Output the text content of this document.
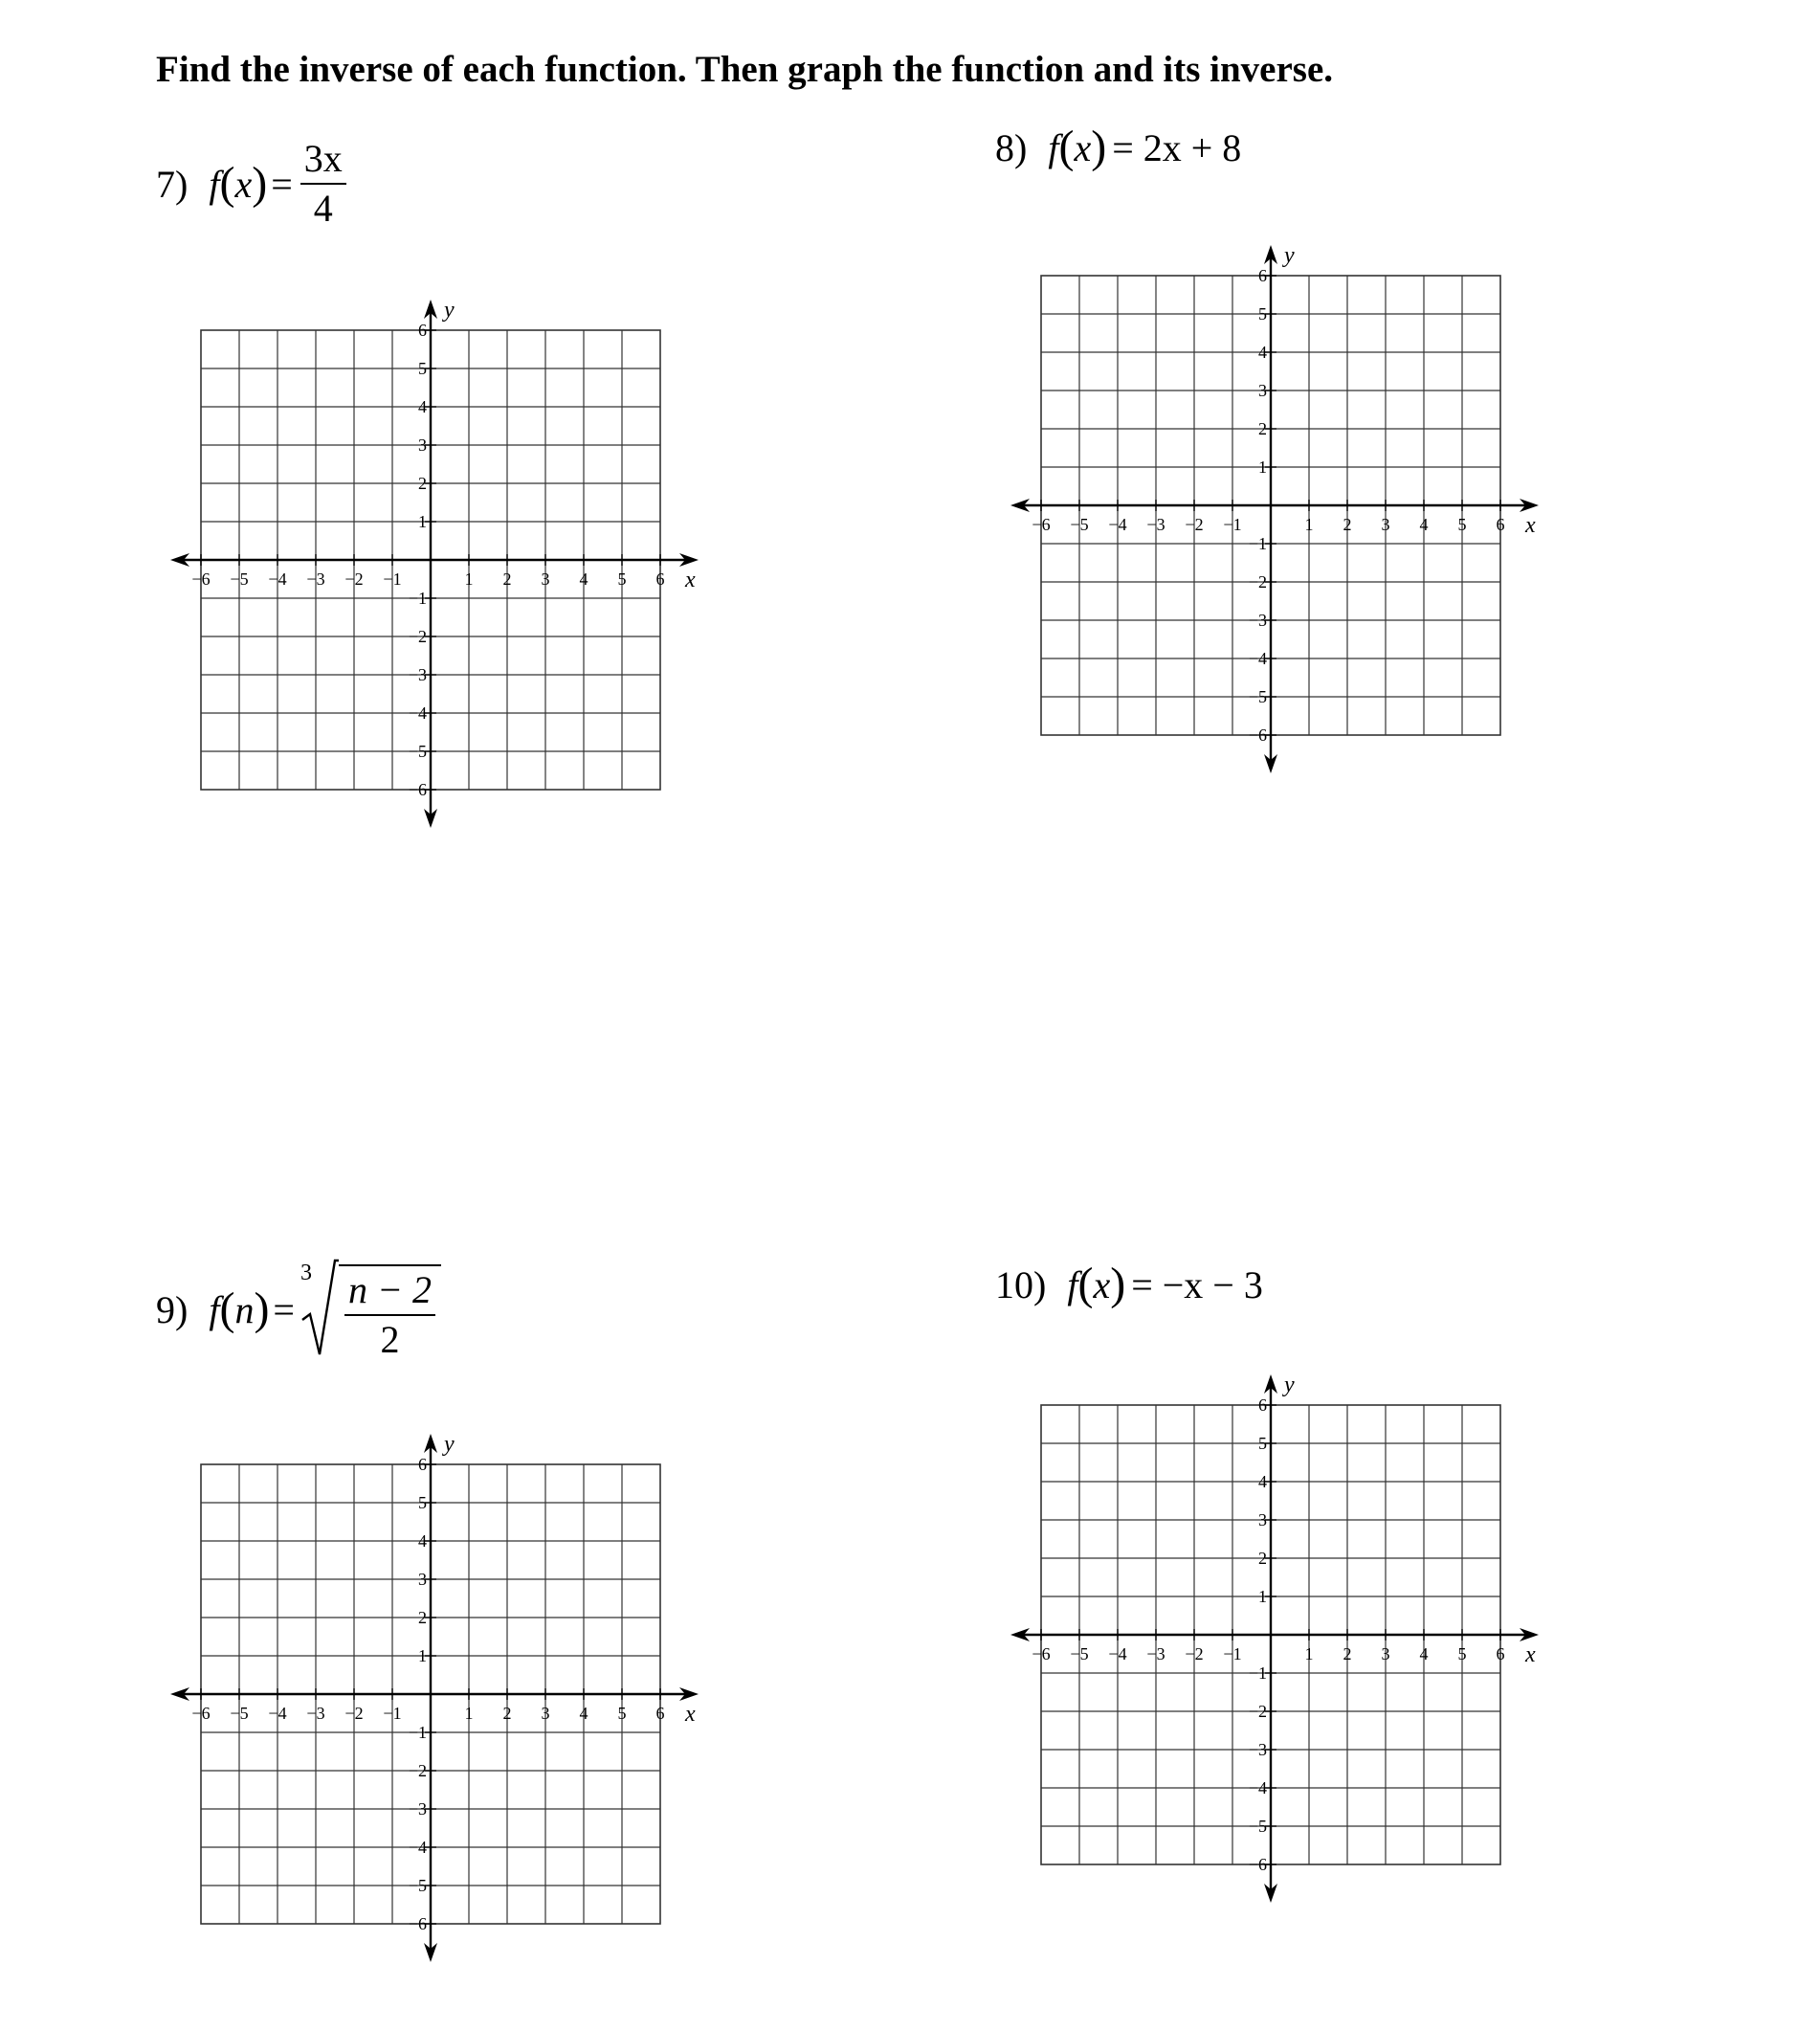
Find the inverse of each function. Then graph the function and its inverse.

7) f ( x ) = $\frac{3x}{4}$	8) f ( x ) = 2x + 8
9) f ( n ) =
$3 \frac{n - 2}{2}$	10) f ( x ) = −x − 3
−6 −5 −4 −3 −2 −1	1 2 3 4 5 6
6
5
4
3
2
1
−1
−2
−3
−4
−5
−6
x
y
−6 −5 −4 −3 −2 −1	1 2 3 4 5 6
6
5
4
3
2
1
−1
−2
−3
−4
−5
−6
x
y
−6 −5 −4 −3 −2 −1	1 2 3 4 5 6
6
5
4
3
2
1
−1
−2
−3
−4
−5
−6
x
y
−6 −5 −4 −3 −2 −1	1 2 3 4 5 6
6
5
4
3
2
1
−1
−2
−3
−4
−5
−6
x
y
